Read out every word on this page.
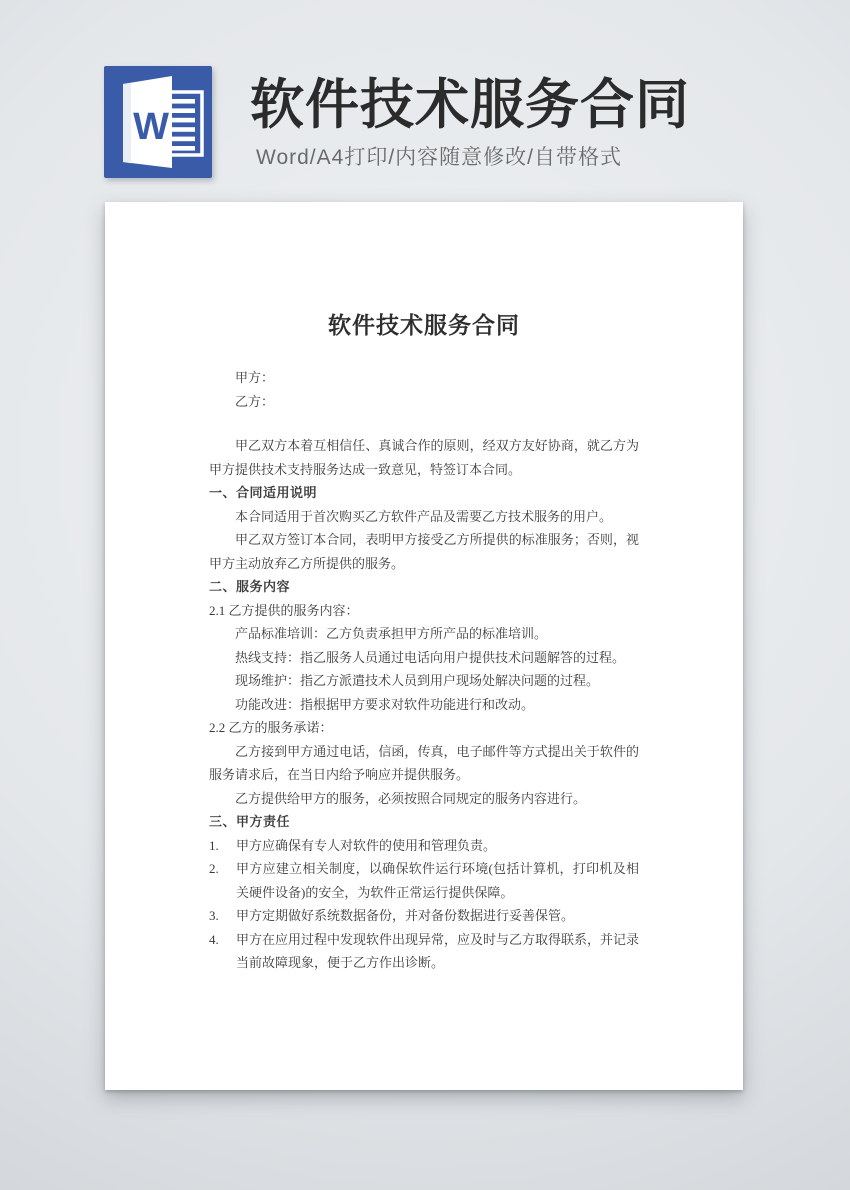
W 软件技术服务合同
Word/A4打印/内容随意修改/自带格式
软件技术服务合同
甲方：
乙方：
甲乙双方本着互相信任、真诚合作的原则，经双方友好协商，就乙方为甲方提供技术支持服务达成一致意见，特签订本合同。
一、合同适用说明
本合同适用于首次购买乙方软件产品及需要乙方技术服务的用户。
甲乙双方签订本合同，表明甲方接受乙方所提供的标准服务；否则，视甲方主动放弃乙方所提供的服务。
二、服务内容
2.1 乙方提供的服务内容：
产品标准培训：乙方负责承担甲方所产品的标准培训。
热线支持：指乙服务人员通过电话向用户提供技术问题解答的过程。
现场维护：指乙方派遣技术人员到用户现场处解决问题的过程。
功能改进：指根据甲方要求对软件功能进行和改动。
2.2 乙方的服务承诺：
乙方接到甲方通过电话，信函，传真，电子邮件等方式提出关于软件的服务请求后，在当日内给予响应并提供服务。
乙方提供给甲方的服务，必须按照合同规定的服务内容进行。
三、甲方责任
1.	甲方应确保有专人对软件的使用和管理负责。
2.	甲方应建立相关制度，以确保软件运行环境(包括计算机，打印机及相关硬件设备)的安全，为软件正常运行提供保障。
3.	甲方定期做好系统数据备份，并对备份数据进行妥善保管。
4.	甲方在应用过程中发现软件出现异常，应及时与乙方取得联系，并记录当前故障现象，便于乙方作出诊断。
